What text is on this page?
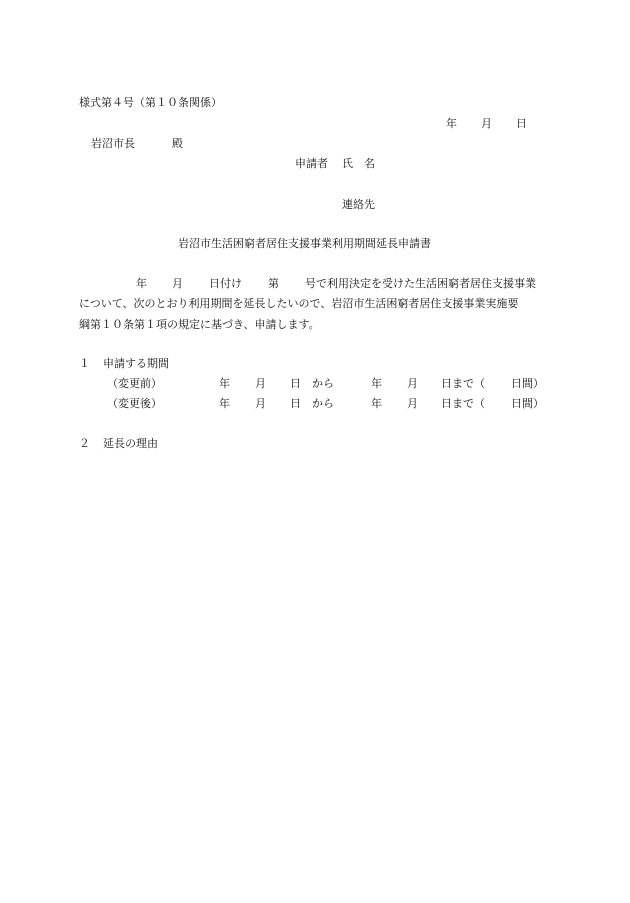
様式第４号（第１０条関係）
年 月 日
岩沼市長	殿
申請者 氏　名
連絡先
岩沼市生活困窮者居住支援事業利用期間延長申請書
年 月 日付け 第 号で利用決定を受けた生活困窮者居住支援事業
について、次のとおり利用期間を延長したいので、岩沼市生活困窮者居住支援事業実施要
綱第１０条第１項の規定に基づき、申請します。
１ 申請する期間
（変更前）	年 月 日　から	年 月 日まで（ 日間）
（変更後）	年 月 日　から	年 月 日まで（ 日間）
２ 延長の理由
